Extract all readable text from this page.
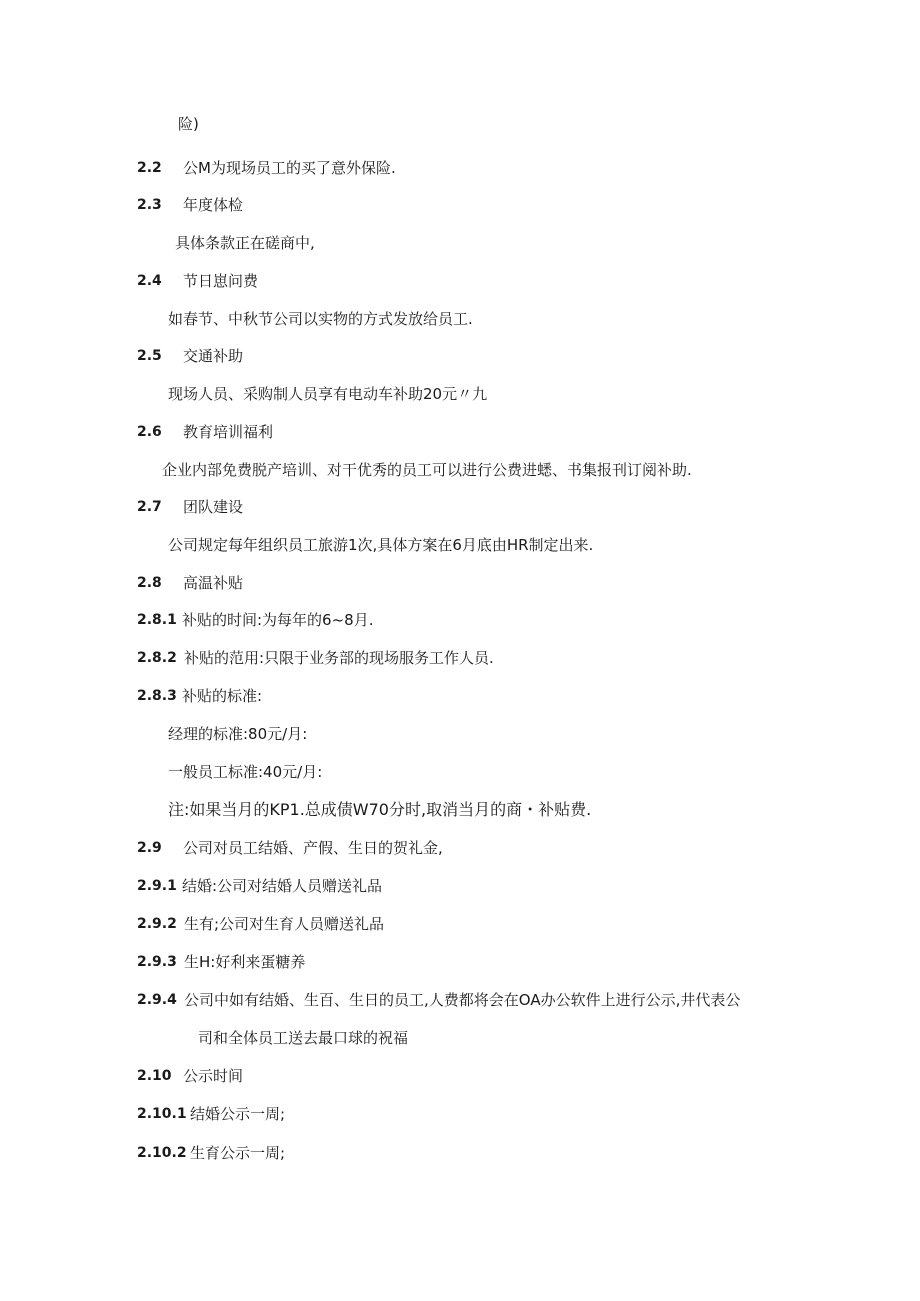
险)
2.2 公M为现场员工的买了意外保险.
2.3 年度体检
具体条款正在磋商中,
2.4 节日崽问费
如春节、中秋节公司以实物的方式发放给员工.
2.5 交通补助
现场人员、采购制人员享有电动车补助20元〃九
2.6 教育培训福利
企业内部免费脱产培训、对干优秀的员工可以进行公费进蟋、书集报刊订阅补助.
2.7 团队建设
公司规定每年组织员工旅游1次,具体方案在6月底由HR制定出来.
2.8 高温补贴
2.8.1 补贴的时间:为每年的6~8月.
2.8.2 补贴的范用:只限于业务部的现场服务工作人员.
2.8.3 补贴的标准:
经理的标准:80元/月:
一般员工标准:40元/月:
注:如果当月的KP1.总成债W70分时,取消当月的商・补贴费.
2.9 公司对员工结婚、产假、生日的贺礼金,
2.9.1 结婚:公司对结婚人员赠送礼品
2.9.2 生有;公司对生育人员赠送礼品
2.9.3 生H:好利来蛋糖养
2.9.4 公司中如有结婚、生百、生日的员工,人费都将会在OA办公软件上进行公示,井代表公
司和全体员工送去最口球的祝福
2.10 公示时间
2.10.1 结婚公示一周;
2.10.2 生育公示一周;
